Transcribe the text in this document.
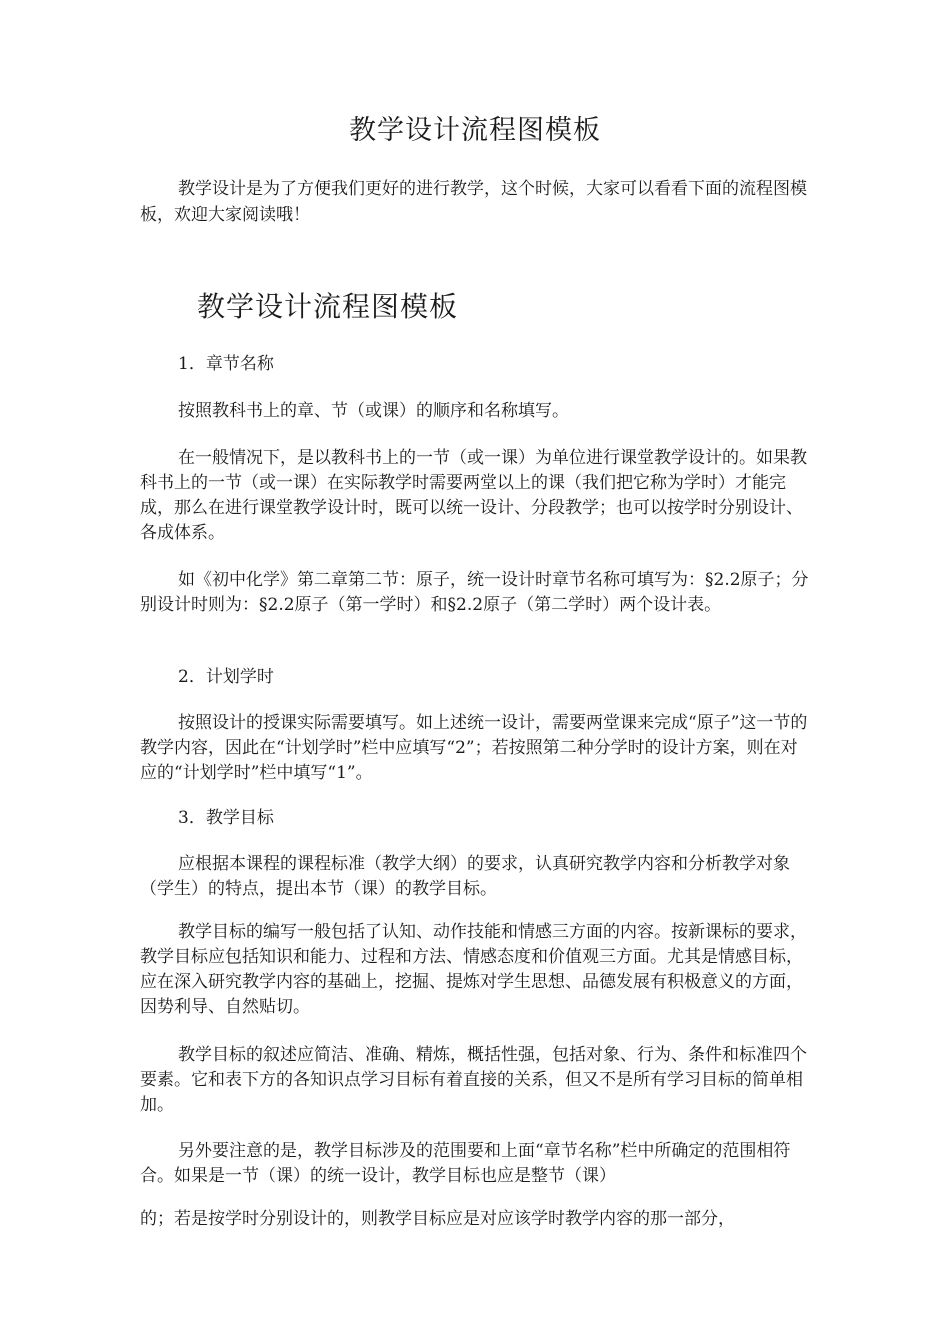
教学设计流程图模板

教学设计是为了方便我们更好的进行教学，这个时候，大家可以看看下面的流程图模板，欢迎大家阅读哦！

教学设计流程图模板

1．章节名称

按照教科书上的章、节（或课）的顺序和名称填写。

在一般情况下，是以教科书上的一节（或一课）为单位进行课堂教学设计的。如果教科书上的一节（或一课）在实际教学时需要两堂以上的课（我们把它称为学时）才能完成，那么在进行课堂教学设计时，既可以统一设计、分段教学；也可以按学时分别设计、各成体系。

如《初中化学》第二章第二节：原子，统一设计时章节名称可填写为：§2.2原子；分别设计时则为：§2.2原子（第一学时）和§2.2原子（第二学时）两个设计表。

2．计划学时

按照设计的授课实际需要填写。如上述统一设计，需要两堂课来完成“原子”这一节的教学内容，因此在“计划学时”栏中应填写“2”；若按照第二种分学时的设计方案，则在对应的“计划学时”栏中填写“1”。

3．教学目标

应根据本课程的课程标准（教学大纲）的要求，认真研究教学内容和分析教学对象（学生）的特点，提出本节（课）的教学目标。

教学目标的编写一般包括了认知、动作技能和情感三方面的内容。按新课标的要求，教学目标应包括知识和能力、过程和方法、情感态度和价值观三方面。尤其是情感目标，应在深入研究教学内容的基础上，挖掘、提炼对学生思想、品德发展有积极意义的方面，因势利导、自然贴切。

教学目标的叙述应简洁、准确、精炼，概括性强，包括对象、行为、条件和标准四个要素。它和表下方的各知识点学习目标有着直接的关系，但又不是所有学习目标的简单相加。

另外要注意的是，教学目标涉及的范围要和上面“章节名称”栏中所确定的范围相符合。如果是一节（课）的统一设计，教学目标也应是整节（课）

的；若是按学时分别设计的，则教学目标应是对应该学时教学内容的那一部分，
